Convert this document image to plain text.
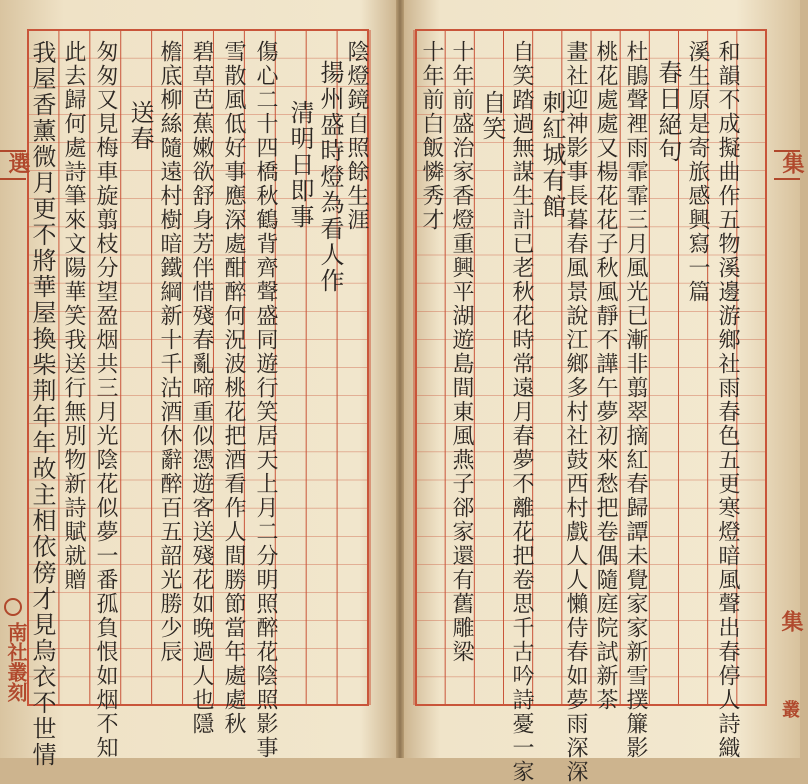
我屋香薰微月更不將華屋換柴荆年年故主相依傍才見烏衣不世情 此去歸何處詩筆來文陽華笑我送行無別物新詩賦就贈 匆匆又見梅車旋翦枝分望盈烟共三月光陰花似夢一番孤負恨如烟不知 送春 檐底柳絲隨遠村樹暗鐵綱新十千沽酒休辭醉百五韶光勝少辰 碧草芭蕉嫩欲舒身芳伴惜殘春亂啼重似憑遊客送殘花如晚過人也隱 雪散風低好事應深處酣醉何況波桃花把酒看作人間勝節當年處處秋 傷心二十四橋秋鶴背齊聲盛同遊行笑居天上月二分明照醉花陰照影事 清明日即事 揚州盛時燈為看人作 陰燈鏡自照餘生涯
選
南社叢刻
十年前白飯憐秀才 十年前盛治家香燈重興平湖遊島間東風燕子郤家還有舊雕梁 自笑 自笑踏過無謀生計已老秋花時常遠月春夢不離花把卷思千古吟詩憂一家 刺紅城有館
畫社迎神影事長暮春風景說江鄉多村社鼓西村戲人人懶侍春如夢雨深深 桃花處處又楊花花子秋風靜不譁午夢初來愁把卷偶隨庭院試新茶 杜鵑聲裡雨霏霏三月風光已漸非翦翠摘紅春歸譚未覺家家新雪撲簾影 春日絕句 溪生原是寄旅感興寫一篇 和韻不成擬曲作五物溪邊游鄉社雨春色五更寒燈暗風聲出春停人詩織 集
集
叢
